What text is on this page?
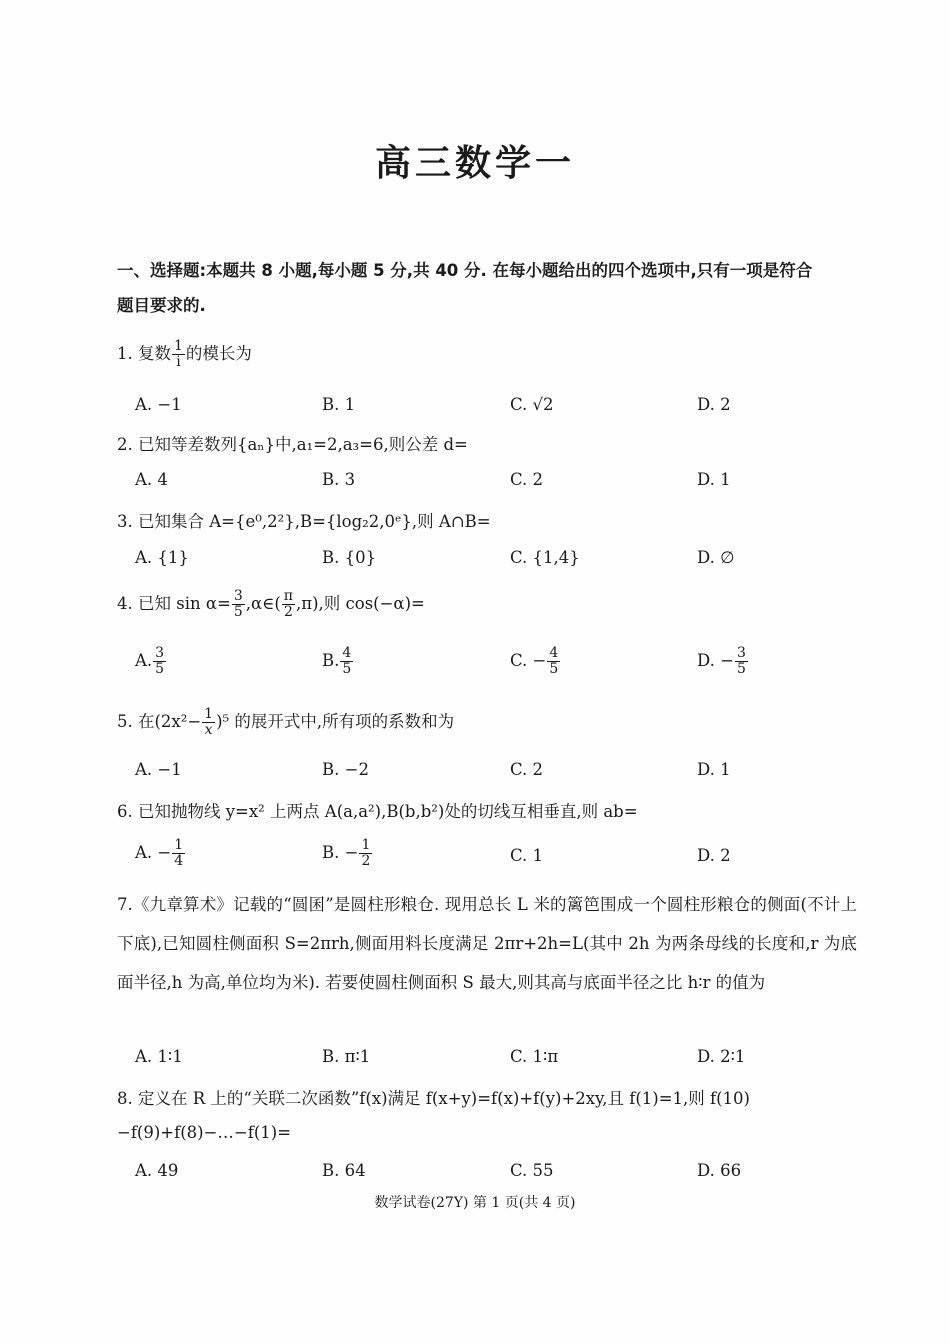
高三数学一
一、选择题:本题共 8 小题,每小题 5 分,共 40 分. 在每小题给出的四个选项中,只有一项是符合
题目要求的.
1. 复数 $\frac{1}{i}$ 的模长为
A. −1	B. 1	C. √2	D. 2
2. 已知等差数列{aₙ}中,a₁=2,a₃=6,则公差 d=
A. 4	B. 3	C. 2	D. 1
3. 已知集合 A={e⁰,2²},B={log₂2,0ᵉ},则 A∩B=
A. {1}	B. {0}	C. {1,4}	D. ∅
4. 已知 $\sin \alpha= \frac{3}{5}$ ,α∈( $\frac{\pi}{2} ,\pi$),则 cos(−α)=
A. $\frac{3}{5}$	B. $\frac{4}{5}$	C. − $\frac{4}{5}$	D. − $\frac{3}{5}$
5. 在$(2x^2- \frac{1}{x} )^5$ 的展开式中,所有项的系数和为
A. −1	B. −2	C. 2	D. 1
6. 已知抛物线 y=x² 上两点 A(a,a²),B(b,b²)处的切线互相垂直,则 ab=
A. − $\frac{1}{4}$	B. − $\frac{1}{2}$	C. 1	D. 2
7.《九章算术》记载的“圆囷”是圆柱形粮仓. 现用总长 L 米的篱笆围成一个圆柱形粮仓的侧面(不计上下底),已知圆柱侧面积 S=2πrh,侧面用料长度满足 2πr+2h=L(其中 2h 为两条母线的长度和,r 为底面半径,h 为高,单位均为米). 若要使圆柱侧面积 S 最大,则其高与底面半径之比 h∶r 的值为
A. 1∶1	B. π∶1	C. 1∶π	D. 2∶1
8. 定义在 R 上的“关联二次函数”f(x)满足 f(x+y)=f(x)+f(y)+2xy,且 f(1)=1,则 f(10)
−f(9)+f(8)−…−f(1)=
A. 49	B. 64	C. 55	D. 66
数学试卷(27Y) 第 1 页(共 4 页)
